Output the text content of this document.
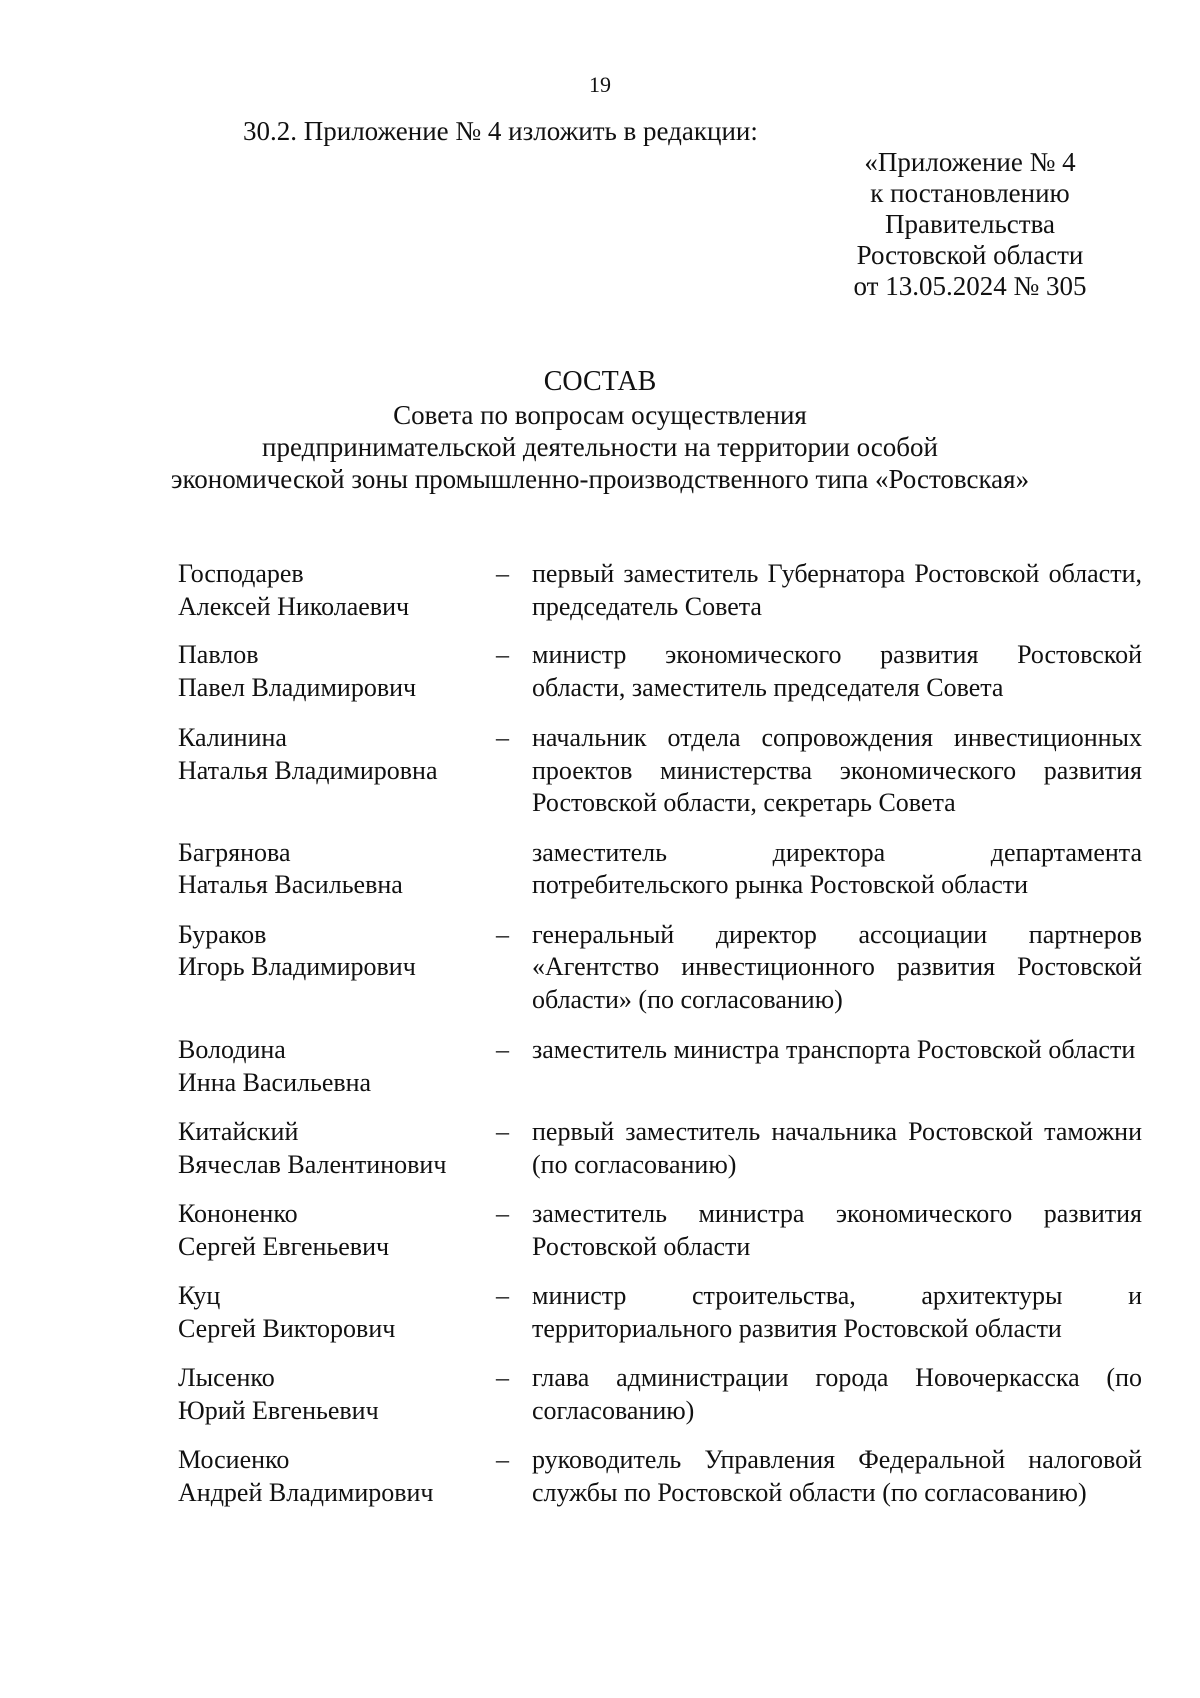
19
30.2. Приложение № 4 изложить в редакции:
«Приложение № 4
к постановлению
Правительства
Ростовской области
от 13.05.2024 № 305
СОСТАВ
Совета по вопросам осуществления
предпринимательской деятельности на территории особой
экономической зоны промышленно-производственного типа «Ростовская»
Господарев
Алексей Николаевич
– первый заместитель Губернатора Ростовской области, председатель Совета
Павлов
Павел Владимирович
– министр экономического развития Ростовской области, заместитель председателя Совета
Калинина
Наталья Владимировна
– начальник отдела сопровождения инвестиционных проектов министерства экономического развития Ростовской области, секретарь Совета
Багрянова
Наталья Васильевна
заместитель директора департамента потребительского рынка Ростовской области
Бураков
Игорь Владимирович
– генеральный директор ассоциации партнеров «Агентство инвестиционного развития Ростовской области» (по согласованию)
Володина
Инна Васильевна
– заместитель министра транспорта Ростовской области
Китайский
Вячеслав Валентинович
– первый заместитель начальника Ростовской таможни (по согласованию)
Кононенко
Сергей Евгеньевич
– заместитель министра экономического развития Ростовской области
Куц
Сергей Викторович
– министр строительства, архитектуры и территориального развития Ростовской области
Лысенко
Юрий Евгеньевич
– глава администрации города Новочеркасска (по согласованию)
Мосиенко
Андрей Владимирович
– руководитель Управления Федеральной налоговой службы по Ростовской области (по согласованию)
